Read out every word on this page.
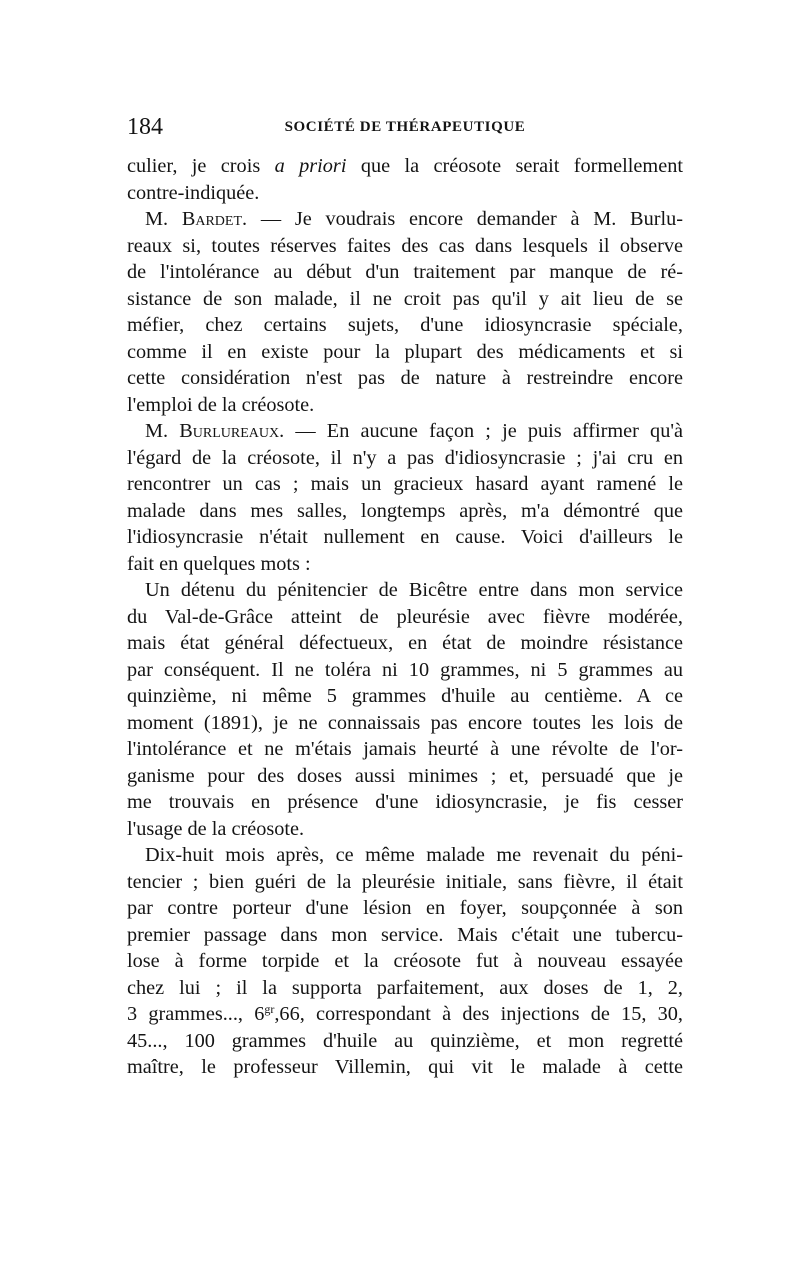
184	SOCIÉTÉ DE THÉRAPEUTIQUE

culier, je crois a priori que la créosote serait formellement
contre-indiquée.

M. Bardet. — Je voudrais encore demander à M. Burlu-
reaux si, toutes réserves faites des cas dans lesquels il observe
de l'intolérance au début d'un traitement par manque de ré-
sistance de son malade, il ne croit pas qu'il y ait lieu de se
méfier, chez certains sujets, d'une idiosyncrasie spéciale,
comme il en existe pour la plupart des médicaments et si
cette considération n'est pas de nature à restreindre encore
l'emploi de la créosote.

M. Burlureaux. — En aucune façon ; je puis affirmer qu'à
l'égard de la créosote, il n'y a pas d'idiosyncrasie ; j'ai cru en
rencontrer un cas ; mais un gracieux hasard ayant ramené le
malade dans mes salles, longtemps après, m'a démontré que
l'idiosyncrasie n'était nullement en cause. Voici d'ailleurs le
fait en quelques mots :

Un détenu du pénitencier de Bicêtre entre dans mon service
du Val-de-Grâce atteint de pleurésie avec fièvre modérée,
mais état général défectueux, en état de moindre résistance
par conséquent. Il ne toléra ni 10 grammes, ni 5 grammes au
quinzième, ni même 5 grammes d'huile au centième. A ce
moment (1891), je ne connaissais pas encore toutes les lois de
l'intolérance et ne m'étais jamais heurté à une révolte de l'or-
ganisme pour des doses aussi minimes ; et, persuadé que je
me trouvais en présence d'une idiosyncrasie, je fis cesser
l'usage de la créosote.

Dix-huit mois après, ce même malade me revenait du péni-
tencier ; bien guéri de la pleurésie initiale, sans fièvre, il était
par contre porteur d'une lésion en foyer, soupçonnée à son
premier passage dans mon service. Mais c'était une tubercu-
lose à forme torpide et la créosote fut à nouveau essayée
chez lui ; il la supporta parfaitement, aux doses de 1, 2,
3 grammes..., $6^{gr},66$, correspondant à des injections de 15, 30,
45..., 100 grammes d'huile au quinzième, et mon regretté
maître, le professeur Villemin, qui vit le malade à cette
